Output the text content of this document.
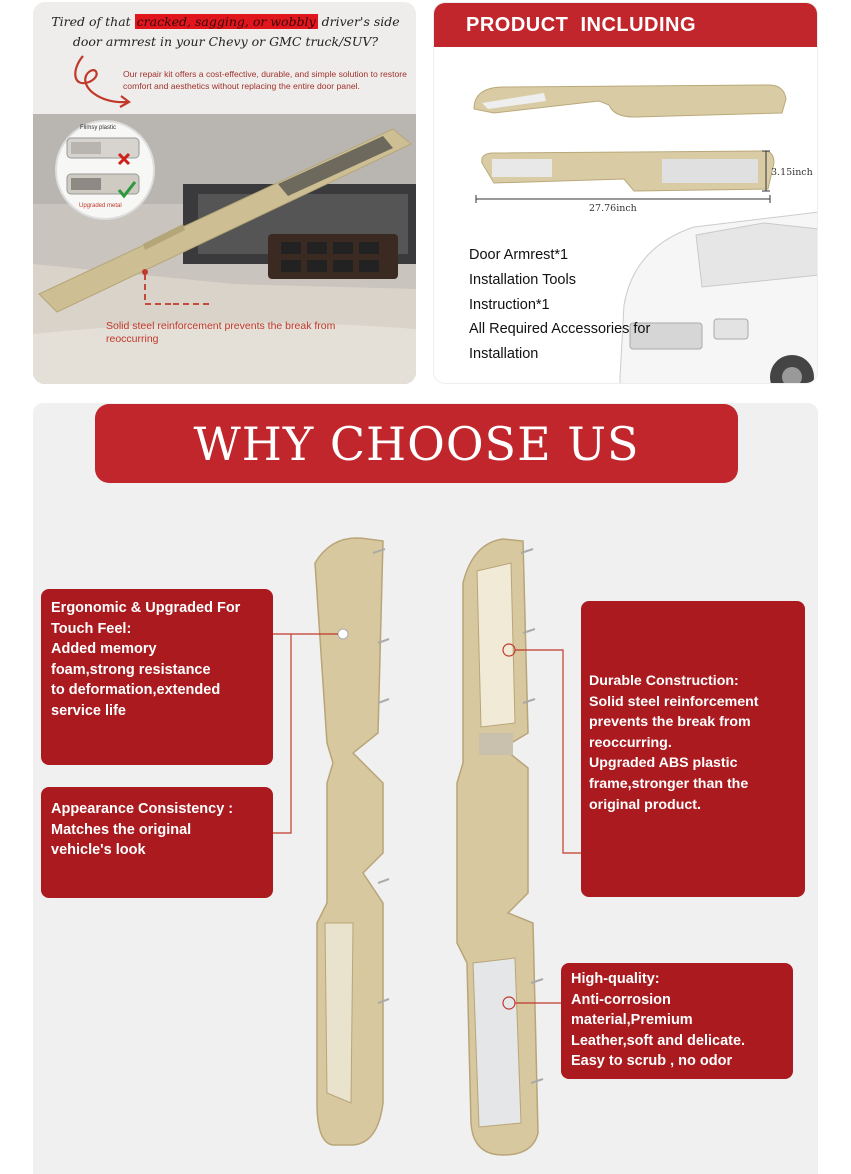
Tired of that cracked, sagging, or wobbly driver's side
door armrest in your Chevy or GMC truck/SUV?
Our repair kit offers a cost-effective, durable, and simple solution to restore comfort and aesthetics without replacing the entire door panel.
Flimsy plastic
Upgraded metal
Solid steel reinforcement prevents the break from reoccurring
PRODUCT INCLUDING
3.15inch
27.76inch
Door Armrest*1
Installation Tools
Instruction*1
All Required Accessories for
Installation
WHY CHOOSE US
Ergonomic & Upgraded For
Touch Feel:
Added memory
foam,strong resistance
to deformation,extended
service life
Appearance Consistency :
Matches the original
vehicle's look
Durable Construction:
Solid steel reinforcement
prevents the break from
reoccurring.
Upgraded ABS plastic
frame,stronger than the
original product.
High-quality:
Anti-corrosion
material,Premium
Leather,soft and delicate.
Easy to scrub , no odor
